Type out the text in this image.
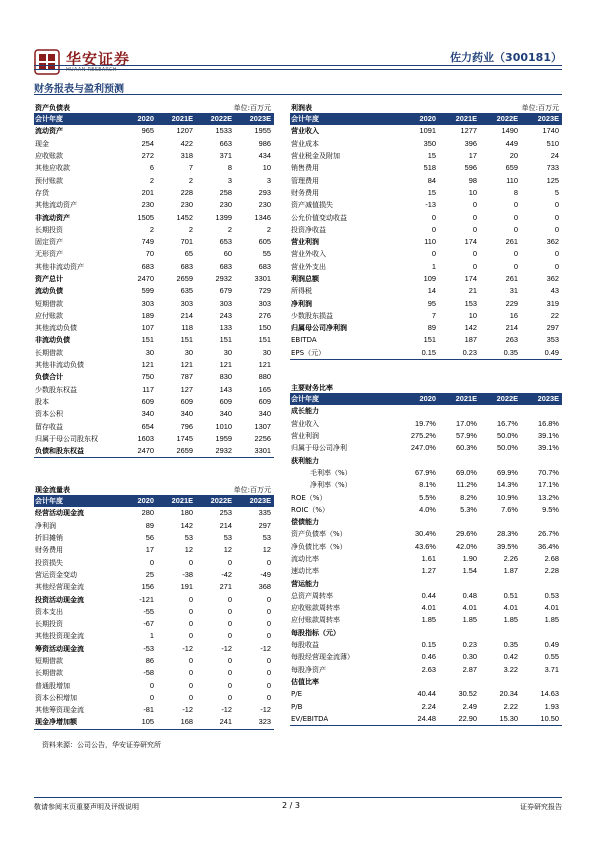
华安证券
HUAAN RESEARCH
佐力药业（300181）
财务报表与盈利预测
资产负债表	单位:百万元
会计年度	2020	2021E	2022E	2023E
流动资产	965	1207	1533	1955
现金	254	422	663	986
应收账款	272	318	371	434
其他应收款	6	7	8	10
预付账款	2	2	3	3
存货	201	228	258	293
其他流动资产	230	230	230	230
非流动资产	1505	1452	1399	1346
长期投资	2	2	2	2
固定资产	749	701	653	605
无形资产	70	65	60	55
其他非流动资产	683	683	683	683
资产总计	2470	2659	2932	3301
流动负债	599	635	679	729
短期借款	303	303	303	303
应付账款	189	214	243	276
其他流动负债	107	118	133	150
非流动负债	151	151	151	151
长期借款	30	30	30	30
其他非流动负债	121	121	121	121
负债合计	750	787	830	880
少数股东权益	117	127	143	165
股本	609	609	609	609
资本公积	340	340	340	340
留存收益	654	796	1010	1307
归属于母公司股东权	1603	1745	1959	2256
负债和股东权益	2470	2659	2932	3301
利润表	单位:百万元
会计年度	2020	2021E	2022E	2023E
营业收入	1091	1277	1490	1740
营业成本	350	396	449	510
营业税金及附加	15	17	20	24
销售费用	518	596	659	733
管理费用	84	98	110	125
财务费用	15	10	8	5
资产减值损失	-13	0	0	0
公允价值变动收益	0	0	0	0
投资净收益	0	0	0	0
营业利润	110	174	261	362
营业外收入	0	0	0	0
营业外支出	1	0	0	0
利润总额	109	174	261	362
所得税	14	21	31	43
净利润	95	153	229	319
少数股东损益	7	10	16	22
归属母公司净利润	89	142	214	297
EBITDA	151	187	263	353
EPS（元）	0.15	0.23	0.35	0.49
主要财务比率
会计年度	2020	2021E	2022E	2023E
成长能力				
营业收入	19.7%	17.0%	16.7%	16.8%
营业利润	275.2%	57.9%	50.0%	39.1%
归属于母公司净利	247.0%	60.3%	50.0%	39.1%
获利能力				
毛利率（%）	67.9%	69.0%	69.9%	70.7%
净利率（%）	8.1%	11.2%	14.3%	17.1%
ROE（%）	5.5%	8.2%	10.9%	13.2%
ROIC（%）	4.0%	5.3%	7.6%	9.5%
偿债能力				
资产负债率（%）	30.4%	29.6%	28.3%	26.7%
净负债比率（%）	43.6%	42.0%	39.5%	36.4%
流动比率	1.61	1.90	2.26	2.68
速动比率	1.27	1.54	1.87	2.28
营运能力				
总资产周转率	0.44	0.48	0.51	0.53
应收账款周转率	4.01	4.01	4.01	4.01
应付账款周转率	1.85	1.85	1.85	1.85
每股指标（元）				
每股收益	0.15	0.23	0.35	0.49
每股经营现金流薄）	0.46	0.30	0.42	0.55
每股净资产	2.63	2.87	3.22	3.71
估值比率				
P/E	40.44	30.52	20.34	14.63
P/B	2.24	2.49	2.22	1.93
EV/EBITDA	24.48	22.90	15.30	10.50
现金流量表	单位:百万元
会计年度	2020	2021E	2022E	2023E
经营活动现金流	280	180	253	335
净利润	89	142	214	297
折旧摊销	56	53	53	53
财务费用	17	12	12	12
投资损失	0	0	0	0
营运资金变动	25	-38	-42	-49
其他经营现金流	156	191	271	368
投资活动现金流	-121	0	0	0
资本支出	-55	0	0	0
长期投资	-67	0	0	0
其他投资现金流	1	0	0	0
筹资活动现金流	-53	-12	-12	-12
短期借款	86	0	0	0
长期借款	-58	0	0	0
普通股增加	0	0	0	0
资本公积增加	0	0	0	0
其他筹资现金流	-81	-12	-12	-12
现金净增加额	105	168	241	323
资料来源：公司公告，华安证券研究所
敬请参阅末页重要声明及评级说明	2 / 3	证券研究报告
